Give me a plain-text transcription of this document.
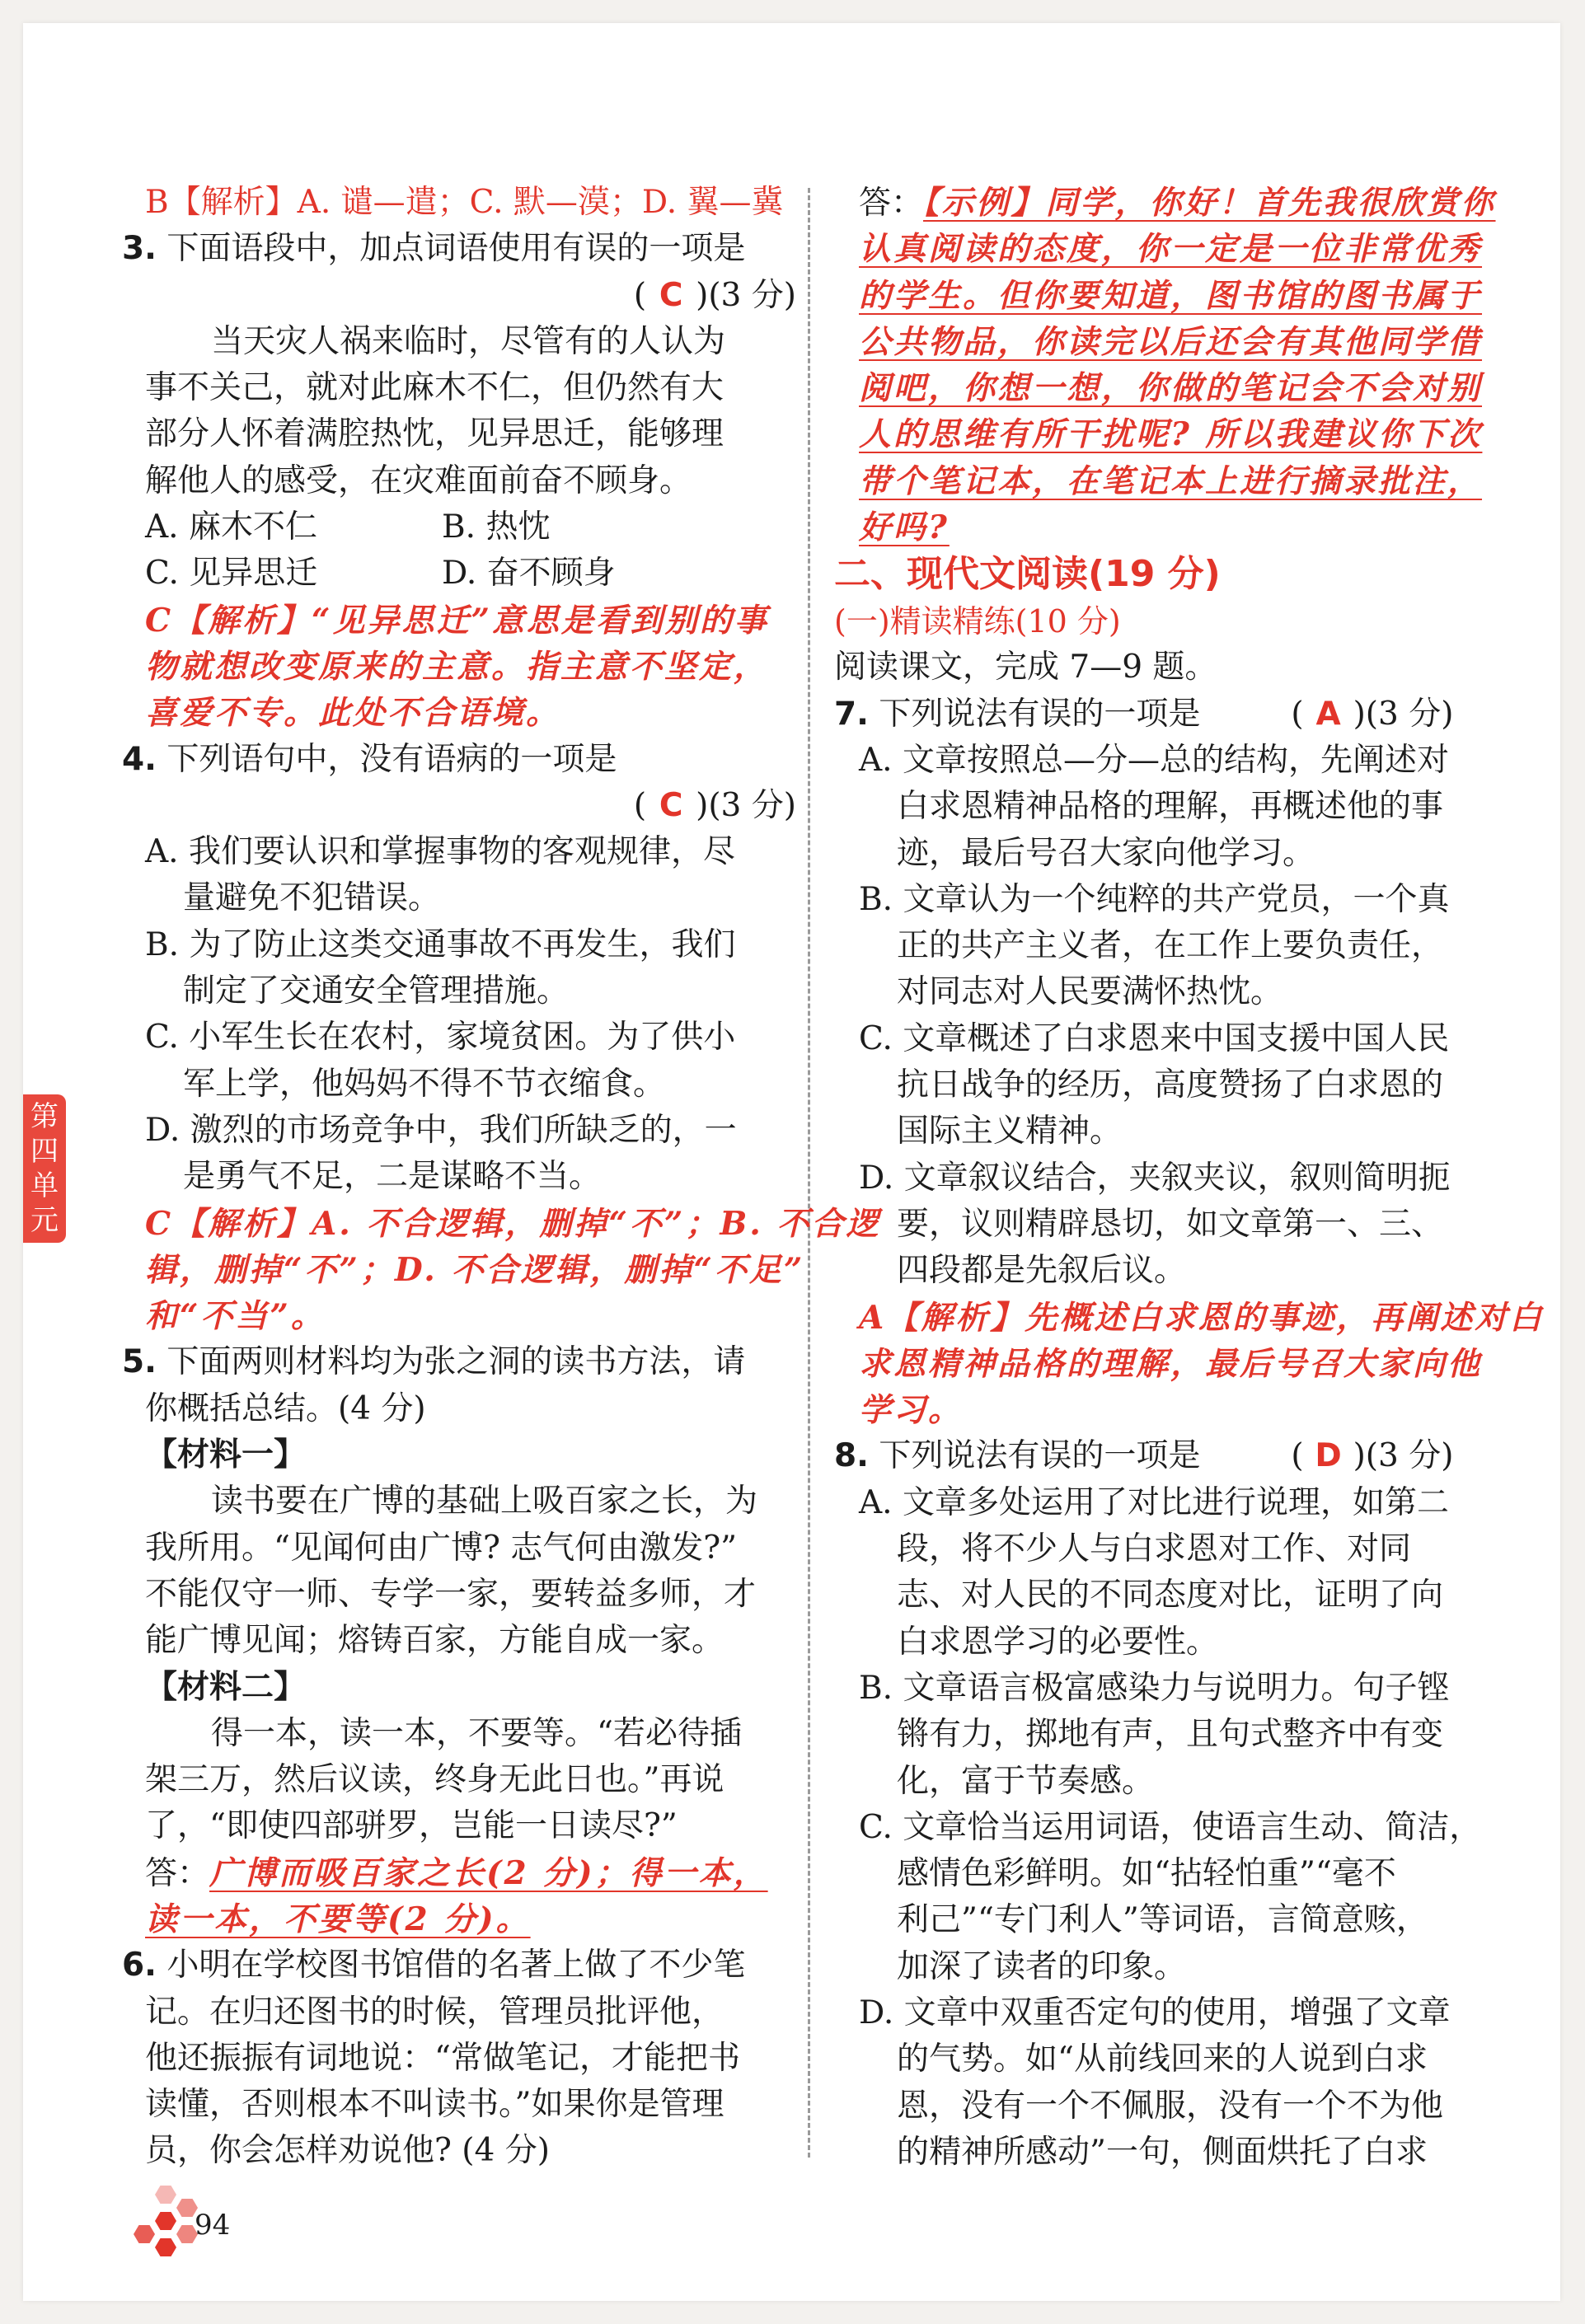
第四单元
B【解析】A. 谴—遣；C. 默—漠；D. 翼—冀
3. 下面语段中，加点词语使用有误的一项是
( C )(3 分)
当天灾人祸来临时，尽管有的人认为
事不关己，就对此麻木不仁，但仍然有大
部分人怀着满腔热忱，见异思迁，能够理
解他人的感受，在灾难面前奋不顾身。
A. 麻木不仁	B. 热忱
C. 见异思迁	D. 奋不顾身
C【解析】“见异思迁”意思是看到别的事
物就想改变原来的主意。指主意不坚定，
喜爱不专。此处不合语境。
4. 下列语句中，没有语病的一项是
( C )(3 分)
A. 我们要认识和掌握事物的客观规律，尽
量避免不犯错误。
B. 为了防止这类交通事故不再发生，我们
制定了交通安全管理措施。
C. 小军生长在农村，家境贫困。为了供小
军上学，他妈妈不得不节衣缩食。
D. 激烈的市场竞争中，我们所缺乏的，一
是勇气不足，二是谋略不当。
C【解析】A. 不合逻辑，删掉“不”；B. 不合逻
辑，删掉“不”；D. 不合逻辑，删掉“不足”
和“不当”。
5. 下面两则材料均为张之洞的读书方法，请
你概括总结。(4 分)
【材料一】
读书要在广博的基础上吸百家之长，为
我所用。“见闻何由广博? 志气何由激发?”
不能仅守一师、专学一家，要转益多师，才
能广博见闻；熔铸百家，方能自成一家。
【材料二】
得一本，读一本，不要等。“若必待插
架三万，然后议读，终身无此日也。”再说
了，“即使四部骈罗，岂能一日读尽?”
答：广博而吸百家之长(2 分)；得一本，
读一本，不要等(2 分)。
6. 小明在学校图书馆借的名著上做了不少笔
记。在归还图书的时候，管理员批评他，
他还振振有词地说：“常做笔记，才能把书
读懂，否则根本不叫读书。”如果你是管理
员，你会怎样劝说他? (4 分)
答：【示例】同学，你好！首先我很欣赏你
认真阅读的态度，你一定是一位非常优秀
的学生。但你要知道，图书馆的图书属于
公共物品，你读完以后还会有其他同学借
阅吧，你想一想，你做的笔记会不会对别
人的思维有所干扰呢? 所以我建议你下次
带个笔记本，在笔记本上进行摘录批注，
好吗?
二、现代文阅读(19 分)
(一)精读精练(10 分)
阅读课文，完成 7—9 题。
7. 下列说法有误的一项是	( A )(3 分)
A. 文章按照总—分—总的结构，先阐述对
白求恩精神品格的理解，再概述他的事
迹，最后号召大家向他学习。
B. 文章认为一个纯粹的共产党员，一个真
正的共产主义者，在工作上要负责任，
对同志对人民要满怀热忱。
C. 文章概述了白求恩来中国支援中国人民
抗日战争的经历，高度赞扬了白求恩的
国际主义精神。
D. 文章叙议结合，夹叙夹议，叙则简明扼
要，议则精辟恳切，如文章第一、三、
四段都是先叙后议。
A【解析】先概述白求恩的事迹，再阐述对白
求恩精神品格的理解，最后号召大家向他
学习。
8. 下列说法有误的一项是	( D )(3 分)
A. 文章多处运用了对比进行说理，如第二
段，将不少人与白求恩对工作、对同
志、对人民的不同态度对比，证明了向
白求恩学习的必要性。
B. 文章语言极富感染力与说明力。句子铿
锵有力，掷地有声，且句式整齐中有变
化，富于节奏感。
C. 文章恰当运用词语，使语言生动、简洁，
感情色彩鲜明。如“拈轻怕重”“毫不
利己”“专门利人”等词语，言简意赅，
加深了读者的印象。
D. 文章中双重否定句的使用，增强了文章
的气势。如“从前线回来的人说到白求
恩，没有一个不佩服，没有一个不为他
的精神所感动”一句，侧面烘托了白求
94
